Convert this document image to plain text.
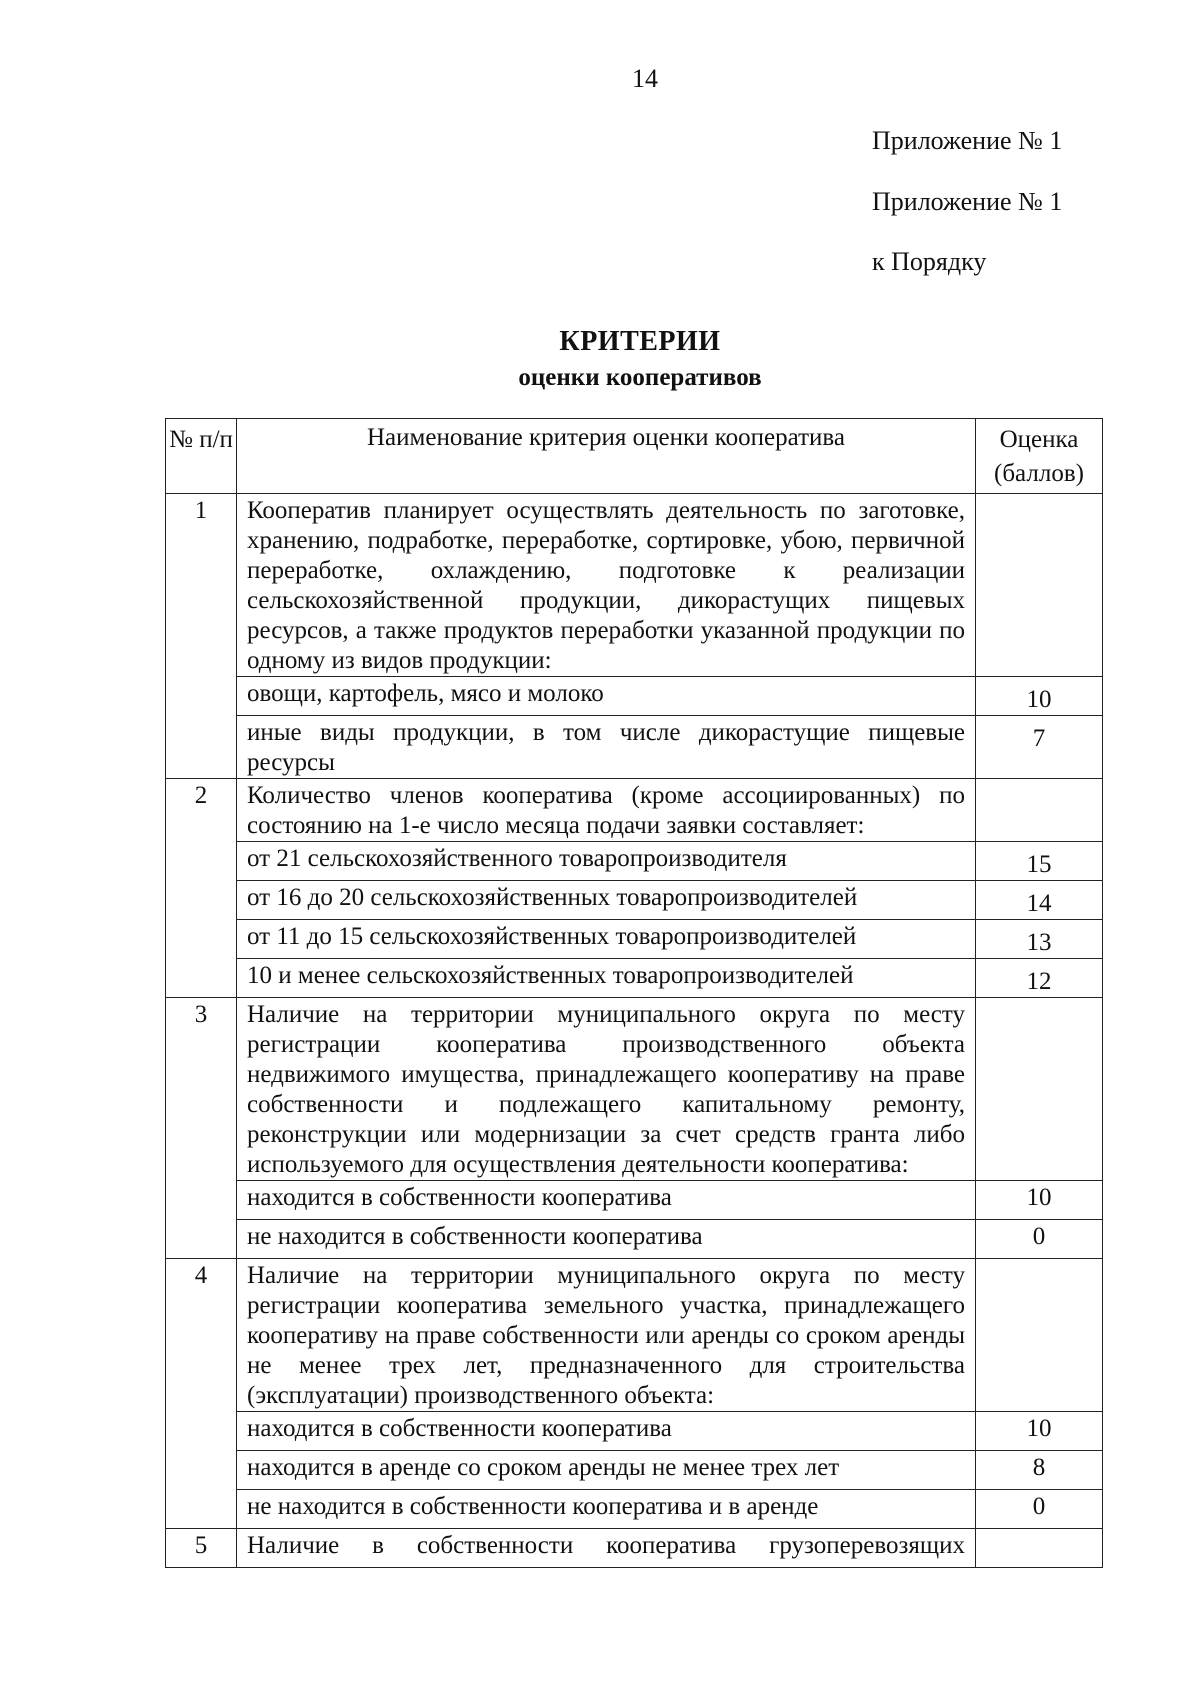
14
Приложение № 1
Приложение № 1
к Порядку
КРИТЕРИИ
оценки кооперативов
№ п/п	Наименование критерия оценки кооператива	Оценка (баллов)
1	Кооператив планирует осуществлять деятельность по заготовке, хранению, подработке, переработке, сортировке, убою, первичной переработке, охлаждению, подготовке к реализации сельскохозяйственной продукции, дикорастущих пищевых ресурсов, а также продуктов переработки указанной продукции по одному из видов продукции:	
	овощи, картофель, мясо и молоко	10
	иные виды продукции, в том числе дикорастущие пищевые ресурсы	7
2	Количество членов кооператива (кроме ассоциированных) по состоянию на 1-е число месяца подачи заявки составляет:	
	от 21 сельскохозяйственного товаропроизводителя	15
	от 16 до 20 сельскохозяйственных товаропроизводителей	14
	от 11 до 15 сельскохозяйственных товаропроизводителей	13
	10 и менее сельскохозяйственных товаропроизводителей	12
3	Наличие на территории муниципального округа по месту регистрации кооператива производственного объекта недвижимого имущества, принадлежащего кооперативу на праве собственности и подлежащего капитальному ремонту, реконструкции или модернизации за счет средств гранта либо используемого для осуществления деятельности кооператива:	
	находится в собственности кооператива	10
	не находится в собственности кооператива	0
4	Наличие на территории муниципального округа по месту регистрации кооператива земельного участка, принадлежащего кооперативу на праве собственности или аренды со сроком аренды не менее трех лет, предназначенного для строительства (эксплуатации) производственного объекта:	
	находится в собственности кооператива	10
	находится в аренде со сроком аренды не менее трех лет	8
	не находится в собственности кооператива и в аренде	0
5	Наличие в собственности кооператива грузоперевозящих	
